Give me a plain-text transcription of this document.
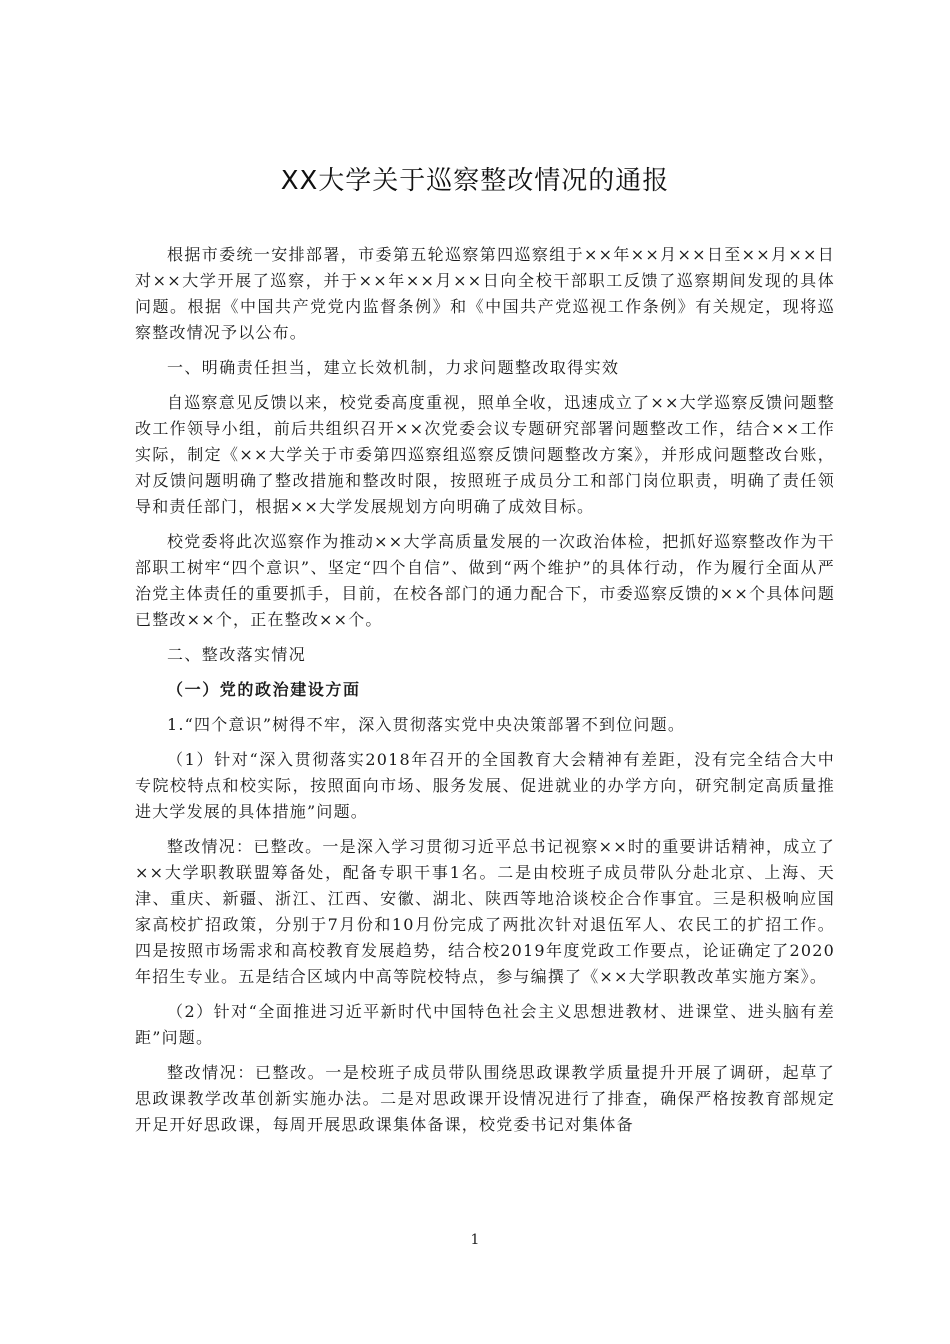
XX大学关于巡察整改情况的通报

根据市委统一安排部署，市委第五轮巡察第四巡察组于××年××月××日至××月××日对××大学开展了巡察，并于××年××月××日向全校干部职工反馈了巡察期间发现的具体问题。根据《中国共产党党内监督条例》和《中国共产党巡视工作条例》有关规定，现将巡察整改情况予以公布。

一、明确责任担当，建立长效机制，力求问题整改取得实效

自巡察意见反馈以来，校党委高度重视，照单全收，迅速成立了××大学巡察反馈问题整改工作领导小组，前后共组织召开××次党委会议专题研究部署问题整改工作，结合××工作实际，制定《××大学关于市委第四巡察组巡察反馈问题整改方案》，并形成问题整改台账，对反馈问题明确了整改措施和整改时限，按照班子成员分工和部门岗位职责，明确了责任领导和责任部门，根据××大学发展规划方向明确了成效目标。

校党委将此次巡察作为推动××大学高质量发展的一次政治体检，把抓好巡察整改作为干部职工树牢“四个意识”、坚定“四个自信”、做到“两个维护”的具体行动，作为履行全面从严治党主体责任的重要抓手，目前，在校各部门的通力配合下，市委巡察反馈的××个具体问题已整改××个，正在整改××个。

二、整改落实情况

（一）党的政治建设方面

1.“四个意识”树得不牢，深入贯彻落实党中央决策部署不到位问题。

（1）针对“深入贯彻落实2018年召开的全国教育大会精神有差距，没有完全结合大中专院校特点和校实际，按照面向市场、服务发展、促进就业的办学方向，研究制定高质量推进大学发展的具体措施”问题。

整改情况：已整改。一是深入学习贯彻习近平总书记视察××时的重要讲话精神，成立了××大学职教联盟筹备处，配备专职干事1名。二是由校班子成员带队分赴北京、上海、天津、重庆、新疆、浙江、江西、安徽、湖北、陕西等地洽谈校企合作事宜。三是积极响应国家高校扩招政策，分别于7月份和10月份完成了两批次针对退伍军人、农民工的扩招工作。四是按照市场需求和高校教育发展趋势，结合校2019年度党政工作要点，论证确定了2020年招生专业。五是结合区域内中高等院校特点，参与编撰了《××大学职教改革实施方案》。

（2）针对“全面推进习近平新时代中国特色社会主义思想进教材、进课堂、进头脑有差距”问题。

整改情况：已整改。一是校班子成员带队围绕思政课教学质量提升开展了调研，起草了思政课教学改革创新实施办法。二是对思政课开设情况进行了排查，确保严格按教育部规定开足开好思政课，每周开展思政课集体备课，校党委书记对集体备

1
